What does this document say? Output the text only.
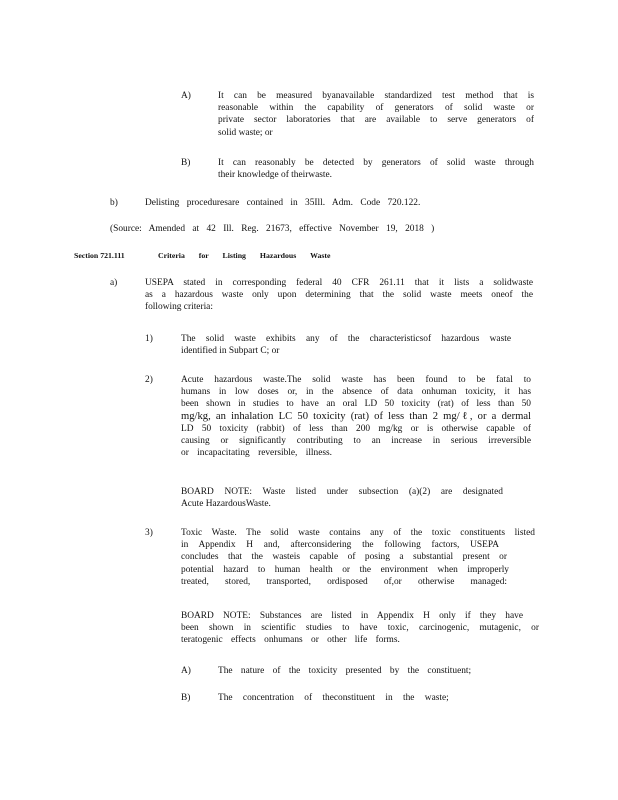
A)	It can be measured byanavailable standardized test method that is
reasonable within the capability of generators of solid waste or
private sector laboratories that are available to serve generators of
solid waste; or
B)	It can reasonably be detected by generators of solid waste through
their knowledge of theirwaste.
b)	Delisting proceduresare contained in 35Ill. Adm. Code 720.122.
(Source: Amended at 42 Ill. Reg. 21673, effective November 19, 2018 )
Section 721.111	Criteria for Listing Hazardous Waste
a)	USEPA stated in corresponding federal 40 CFR 261.11 that it lists a solidwaste
as a hazardous waste only upon determining that the solid waste meets oneof the
following criteria:
1)	The solid waste exhibits any of the characteristicsof hazardous waste
identified in Subpart C; or
2)	Acute hazardous waste.The solid waste has been found to be fatal to
humans in low doses or, in the absence of data onhuman toxicity, it has
been shown in studies to have an oral LD 50 toxicity (rat) of less than 50
mg/kg, an inhalation LC 50 toxicity (rat) of less than 2 mg/ℓ, or a dermal
LD 50 toxicity (rabbit) of less than 200 mg/kg or is otherwise capable of
causing or significantly contributing to an increase in serious irreversible
or incapacitating reversible, illness.
BOARD NOTE: Waste listed under subsection (a)(2) are designated
Acute HazardousWaste.
3)	Toxic Waste. The solid waste contains any of the toxic constituents listed
in Appendix H and, afterconsidering the following factors, USEPA
concludes that the wasteis capable of posing a substantial present or
potential hazard to human health or the environment when improperly
treated, stored, transported, ordisposed of,or otherwise managed:
BOARD NOTE: Substances are listed in Appendix H only if they have
been shown in scientific studies to have toxic, carcinogenic, mutagenic, or
teratogenic effects onhumans or other life forms.
A)	The nature of the toxicity presented by the constituent;
B)	The concentration of theconstituent in the waste;
